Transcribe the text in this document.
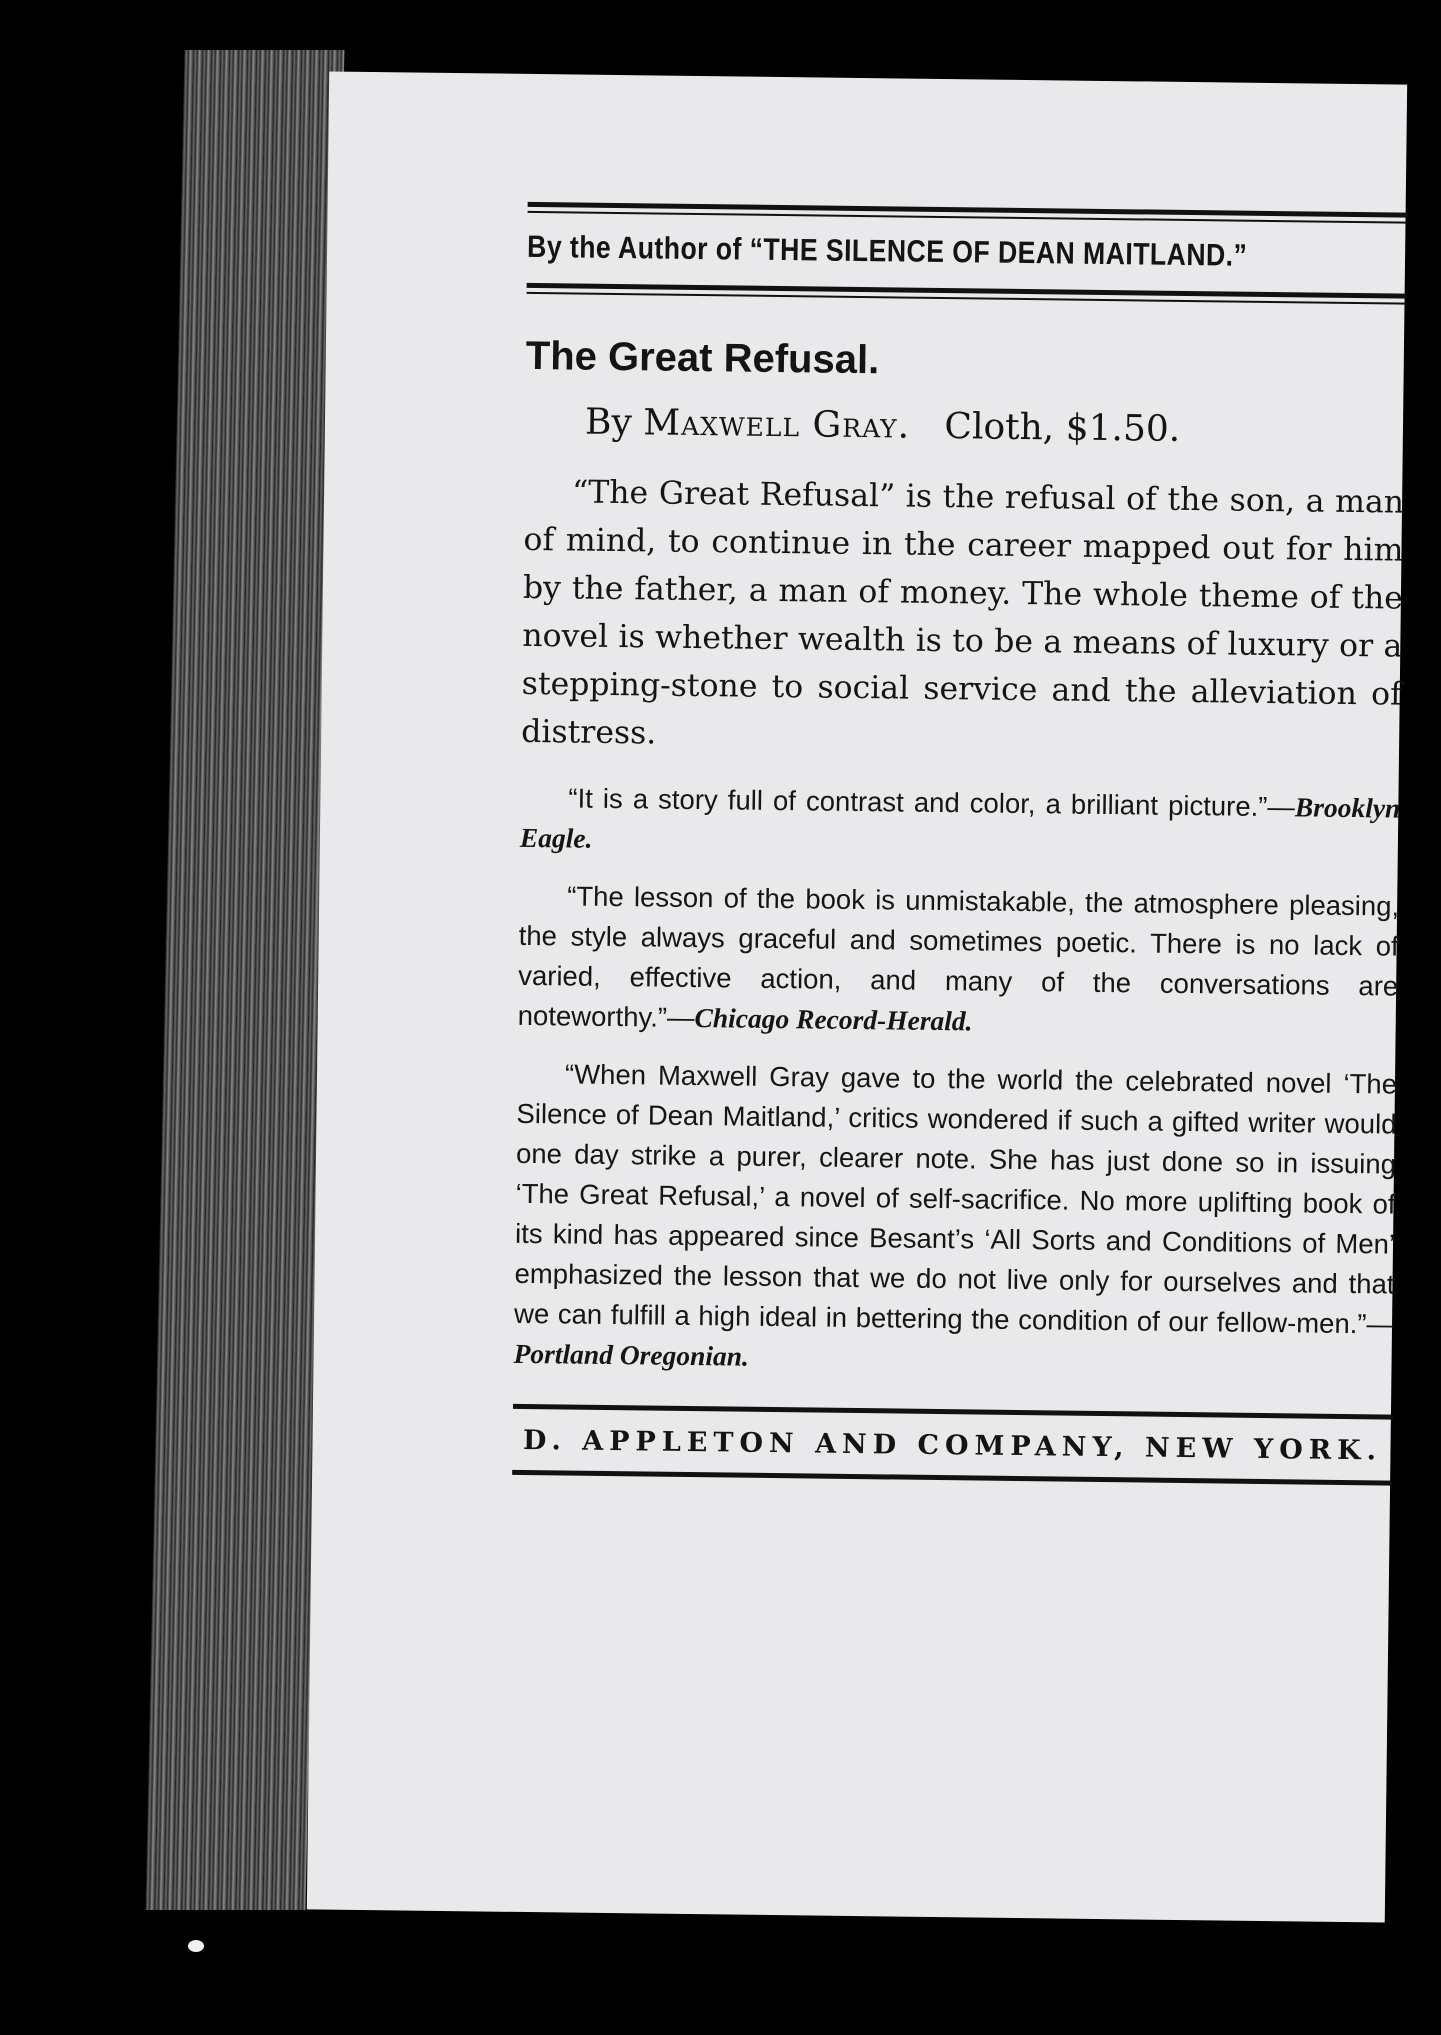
By the Author of “THE SILENCE OF DEAN MAITLAND.”
The Great Refusal.
By Maxwell Gray. Cloth, $1.50.

“The Great Refusal” is the refusal of the son, a man of mind, to continue in the career mapped out for him by the father, a man of money. The whole theme of the novel is whether wealth is to be a means of luxury or a stepping-stone to social service and the alleviation of distress.

“It is a story full of contrast and color, a brilliant picture.”—Brooklyn Eagle.

“The lesson of the book is unmistakable, the atmosphere pleasing, the style always graceful and sometimes poetic. There is no lack of varied, effective action, and many of the conversations are noteworthy.”—Chicago Record-Herald.

“When Maxwell Gray gave to the world the celebrated novel ‘The Silence of Dean Maitland,’ critics wondered if such a gifted writer would one day strike a purer, clearer note. She has just done so in issuing ‘The Great Refusal,’ a novel of self-sacrifice. No more uplifting book of its kind has appeared since Besant’s ‘All Sorts and Conditions of Men’ emphasized the lesson that we do not live only for ourselves and that we can fulfill a high ideal in bettering the condition of our fellow-men.”—Portland Oregonian.

D. APPLETON AND COMPANY, NEW YORK.
